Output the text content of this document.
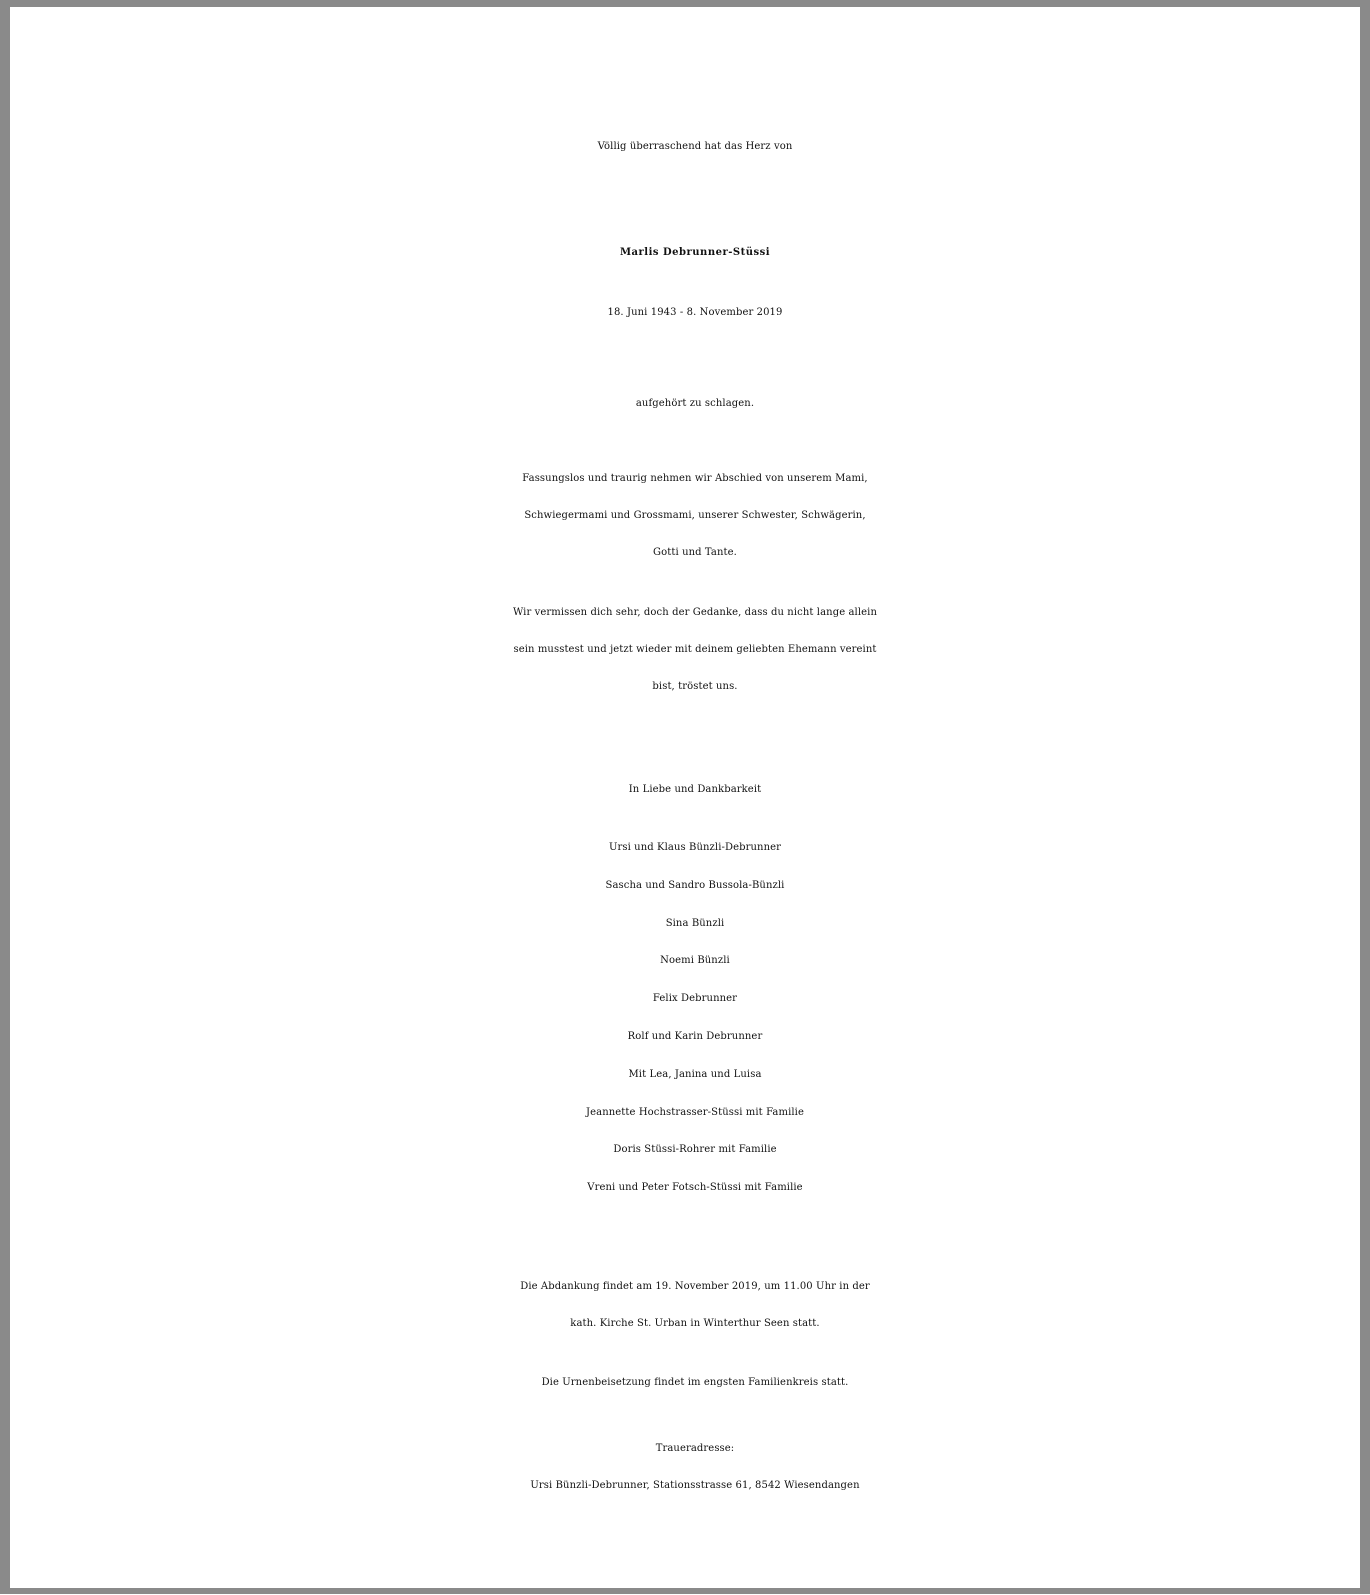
Völlig überraschend hat das Herz von
Marlis Debrunner-Stüssi
18. Juni 1943 - 8. November 2019
aufgehört zu schlagen.
Fassungslos und traurig nehmen wir Abschied von unserem Mami,
Schwiegermami und Grossmami, unserer Schwester, Schwägerin,
Gotti und Tante.
Wir vermissen dich sehr, doch der Gedanke, dass du nicht lange allein
sein musstest und jetzt wieder mit deinem geliebten Ehemann vereint
bist, tröstet uns.
In Liebe und Dankbarkeit
Ursi und Klaus Bünzli-Debrunner
Sascha und Sandro Bussola-Bünzli
Sina Bünzli
Noemi Bünzli
Felix Debrunner
Rolf und Karin Debrunner
Mit Lea, Janina und Luisa
Jeannette Hochstrasser-Stüssi mit Familie
Doris Stüssi-Rohrer mit Familie
Vreni und Peter Fotsch-Stüssi mit Familie
Die Abdankung findet am 19. November 2019, um 11.00 Uhr in der
kath. Kirche St. Urban in Winterthur Seen statt.
Die Urnenbeisetzung findet im engsten Familienkreis statt.
Traueradresse:
Ursi Bünzli-Debrunner, Stationsstrasse 61, 8542 Wiesendangen
